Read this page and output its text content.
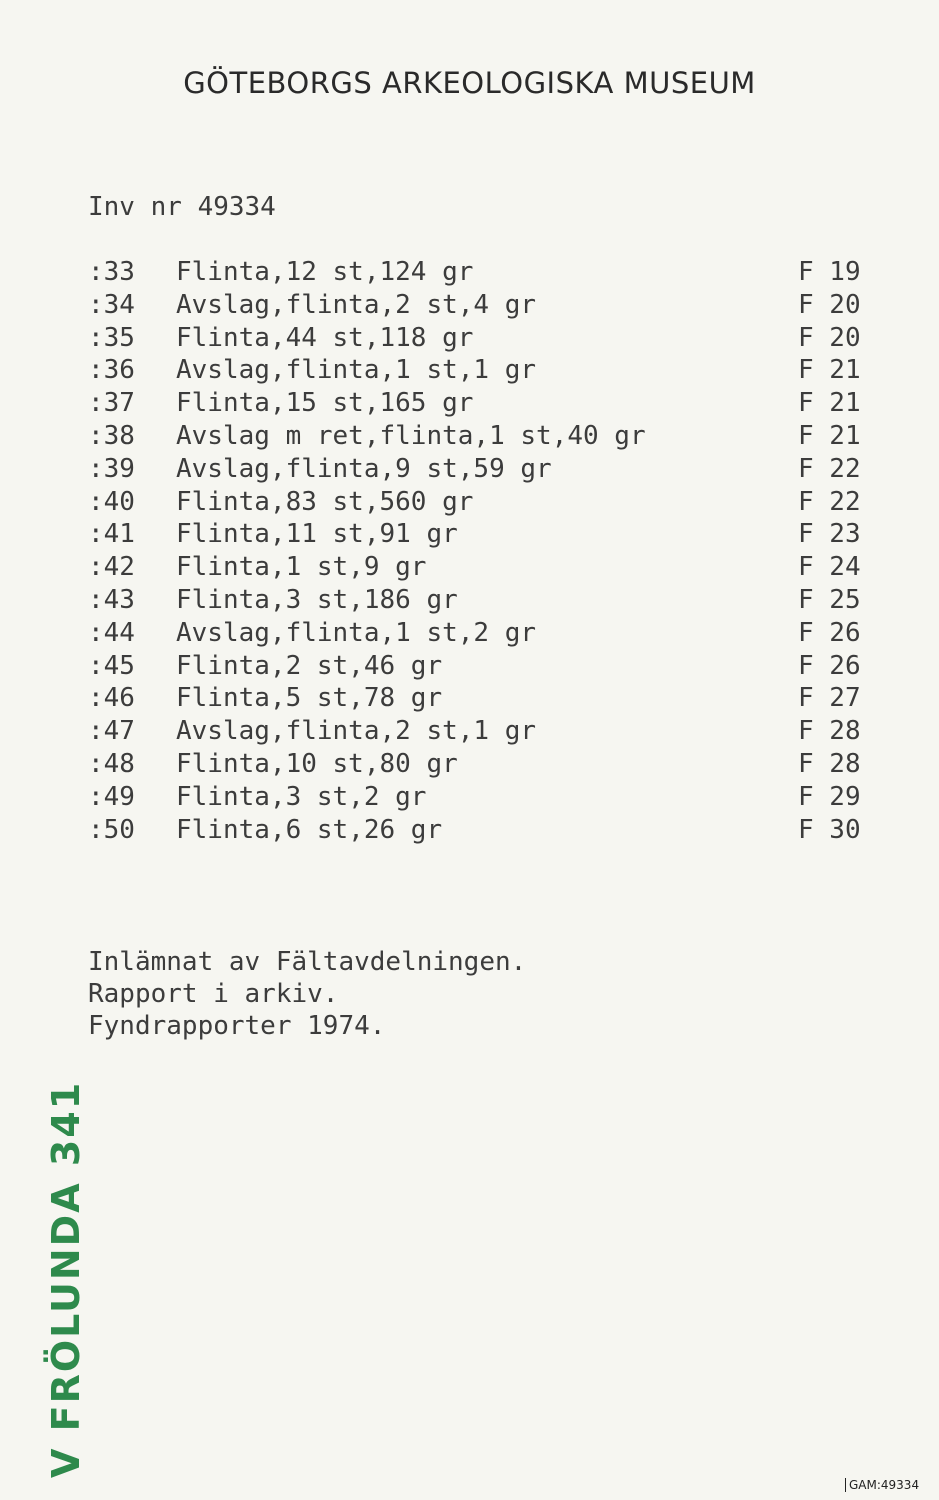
GÖTEBORGS ARKEOLOGISKA MUSEUM
Inv nr 49334
:33 Flinta,12 st,124 gr	F 19
:34 Avslag,flinta,2 st,4 gr	F 20
:35 Flinta,44 st,118 gr	F 20
:36 Avslag,flinta,1 st,1 gr	F 21
:37 Flinta,15 st,165 gr	F 21
:38 Avslag m ret,flinta,1 st,40 gr	F 21
:39 Avslag,flinta,9 st,59 gr	F 22
:40 Flinta,83 st,560 gr	F 22
:41 Flinta,11 st,91 gr	F 23
:42 Flinta,1 st,9 gr	F 24
:43 Flinta,3 st,186 gr	F 25
:44 Avslag,flinta,1 st,2 gr	F 26
:45 Flinta,2 st,46 gr	F 26
:46 Flinta,5 st,78 gr	F 27
:47 Avslag,flinta,2 st,1 gr	F 28
:48 Flinta,10 st,80 gr	F 28
:49 Flinta,3 st,2 gr	F 29
:50 Flinta,6 st,26 gr	F 30
Inlämnat av Fältavdelningen.
Rapport i arkiv.
Fyndrapporter 1974.
V FRÖLUNDA 341
GAM:49334
